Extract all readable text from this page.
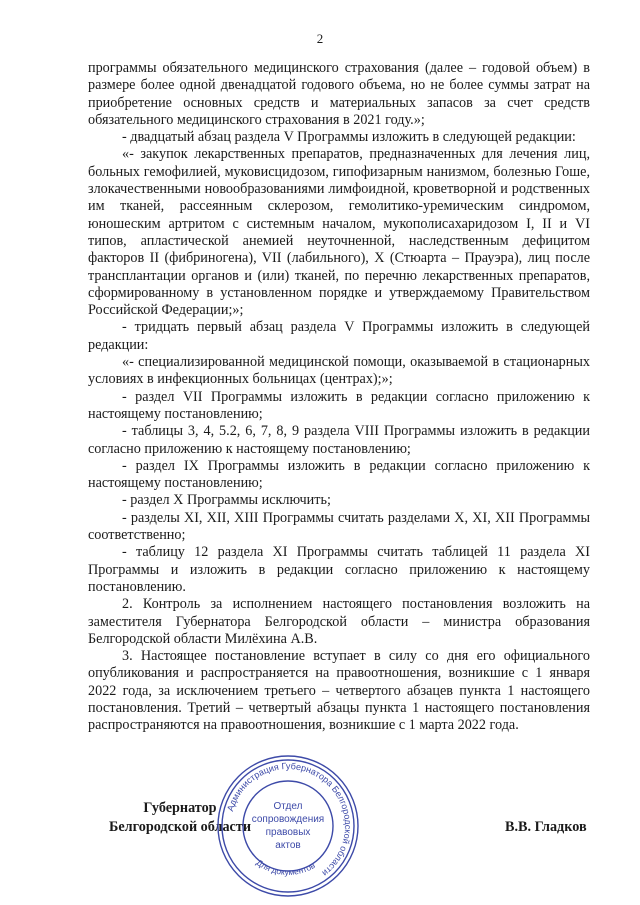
2

программы обязательного медицинского страхования (далее – годовой объем) в размере более одной двенадцатой годового объема, но не более суммы затрат на приобретение основных средств и материальных запасов за счет средств обязательного медицинского страхования в 2021 году.»;

- двадцатый абзац раздела V Программы изложить в следующей редакции:

«- закупок лекарственных препаратов, предназначенных для лечения лиц, больных гемофилией, муковисцидозом, гипофизарным нанизмом, болезнью Гоше, злокачественными новообразованиями лимфоидной, кроветворной и родственных им тканей, рассеянным склерозом, гемолитико-уремическим синдромом, юношеским артритом с системным началом, мукополисахаридозом I, II и VI типов, апластической анемией неуточненной, наследственным дефицитом факторов II (фибриногена), VII (лабильного), X (Стюарта – Прауэра), лиц после трансплантации органов и (или) тканей, по перечню лекарственных препаратов, сформированному в установленном порядке и утверждаемому Правительством Российской Федерации;»;

- тридцать первый абзац раздела V Программы изложить в следующей редакции:

«- специализированной медицинской помощи, оказываемой в стационарных условиях в инфекционных больницах (центрах);»;

- раздел VII Программы изложить в редакции согласно приложению к настоящему постановлению;

- таблицы 3, 4, 5.2, 6, 7, 8, 9 раздела VIII Программы изложить в редакции согласно приложению к настоящему постановлению;

- раздел IX Программы изложить в редакции согласно приложению к настоящему постановлению;

- раздел X Программы исключить;

- разделы XI, XII, XIII Программы считать разделами X, XI, XII Программы соответственно;

- таблицу 12 раздела XI Программы считать таблицей 11 раздела XI Программы и изложить в редакции согласно приложению к настоящему постановлению.

2. Контроль за исполнением настоящего постановления возложить на заместителя Губернатора Белгородской области – министра образования Белгородской области Милёхина А.В.

3. Настоящее постановление вступает в силу со дня его официального опубликования и распространяется на правоотношения, возникшие с 1 января 2022 года, за исключением третьего – четвертого абзацев пункта 1 настоящего постановления. Третий – четвертый абзацы пункта 1 настоящего постановления распространяются на правоотношения, возникшие с 1 марта 2022 года.

Губернатор
Белгородской области	В.В. Гладков
Администрация Губернатора Белгородской области
Для документов
Отдел
сопровождения
правовых
актов
